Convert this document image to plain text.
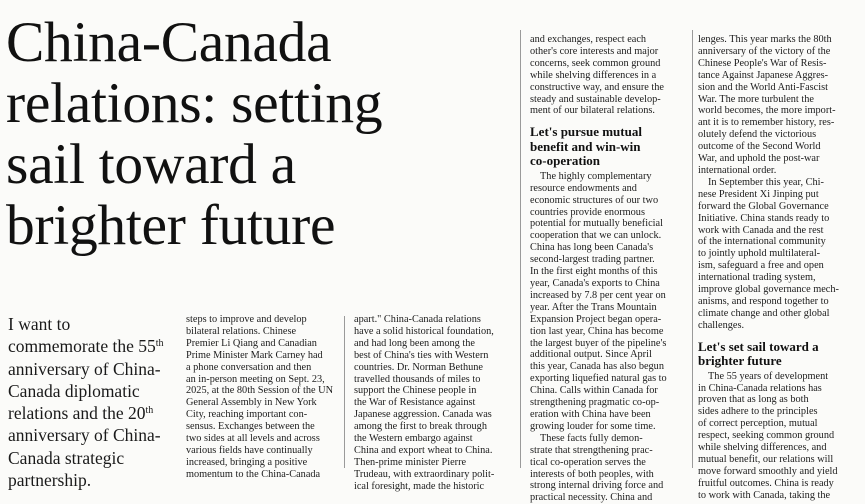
China-Canada
relations: setting
sail toward a
brighter future
I want to
commemorate the 55th
anniversary of China-
Canada diplomatic
relations and the 20th
anniversary of China-
Canada strategic
partnership.
steps to improve and develop
bilateral relations. Chinese
Premier Li Qiang and Canadian
Prime Minister Mark Carney had
a phone conversation and then
an in-person meeting on Sept. 23,
2025, at the 80th Session of the UN
General Assembly in New York
City, reaching important con-
sensus. Exchanges between the
two sides at all levels and across
various fields have continually
increased, bringing a positive
momentum to the China-Canada
apart." China-Canada relations
have a solid historical foundation,
and had long been among the
best of China's ties with Western
countries. Dr. Norman Bethune
travelled thousands of miles to
support the Chinese people in
the War of Resistance against
Japanese aggression. Canada was
among the first to break through
the Western embargo against
China and export wheat to China.
Then-prime minister Pierre
Trudeau, with extraordinary polit-
ical foresight, made the historic
and exchanges, respect each
other's core interests and major
concerns, seek common ground
while shelving differences in a
constructive way, and ensure the
steady and sustainable develop-
ment of our bilateral relations.
Let's pursue mutual
benefit and win-win
co-operation
The highly complementary
resource endowments and
economic structures of our two
countries provide enormous
potential for mutually beneficial
cooperation that we can unlock.
China has long been Canada's
second-largest trading partner.
In the first eight months of this
year, Canada's exports to China
increased by 7.8 per cent year on
year. After the Trans Mountain
Expansion Project began opera-
tion last year, China has become
the largest buyer of the pipeline's
additional output. Since April
this year, Canada has also begun
exporting liquefied natural gas to
China. Calls within Canada for
strengthening pragmatic co-op-
eration with China have been
growing louder for some time.
These facts fully demon-
strate that strengthening prac-
tical co-operation serves the
interests of both peoples, with
strong internal driving force and
practical necessity. China and
lenges. This year marks the 80th
anniversary of the victory of the
Chinese People's War of Resis-
tance Against Japanese Aggres-
sion and the World Anti-Fascist
War. The more turbulent the
world becomes, the more import-
ant it is to remember history, res-
olutely defend the victorious
outcome of the Second World
War, and uphold the post-war
international order.
In September this year, Chi-
nese President Xi Jinping put
forward the Global Governance
Initiative. China stands ready to
work with Canada and the rest
of the international community
to jointly uphold multilateral-
ism, safeguard a free and open
international trading system,
improve global governance mech-
anisms, and respond together to
climate change and other global
challenges.
Let's set sail toward a
brighter future
The 55 years of development
in China-Canada relations has
proven that as long as both
sides adhere to the principles
of correct perception, mutual
respect, seeking common ground
while shelving differences, and
mutual benefit, our relations will
move forward smoothly and yield
fruitful outcomes. China is ready
to work with Canada, taking the
